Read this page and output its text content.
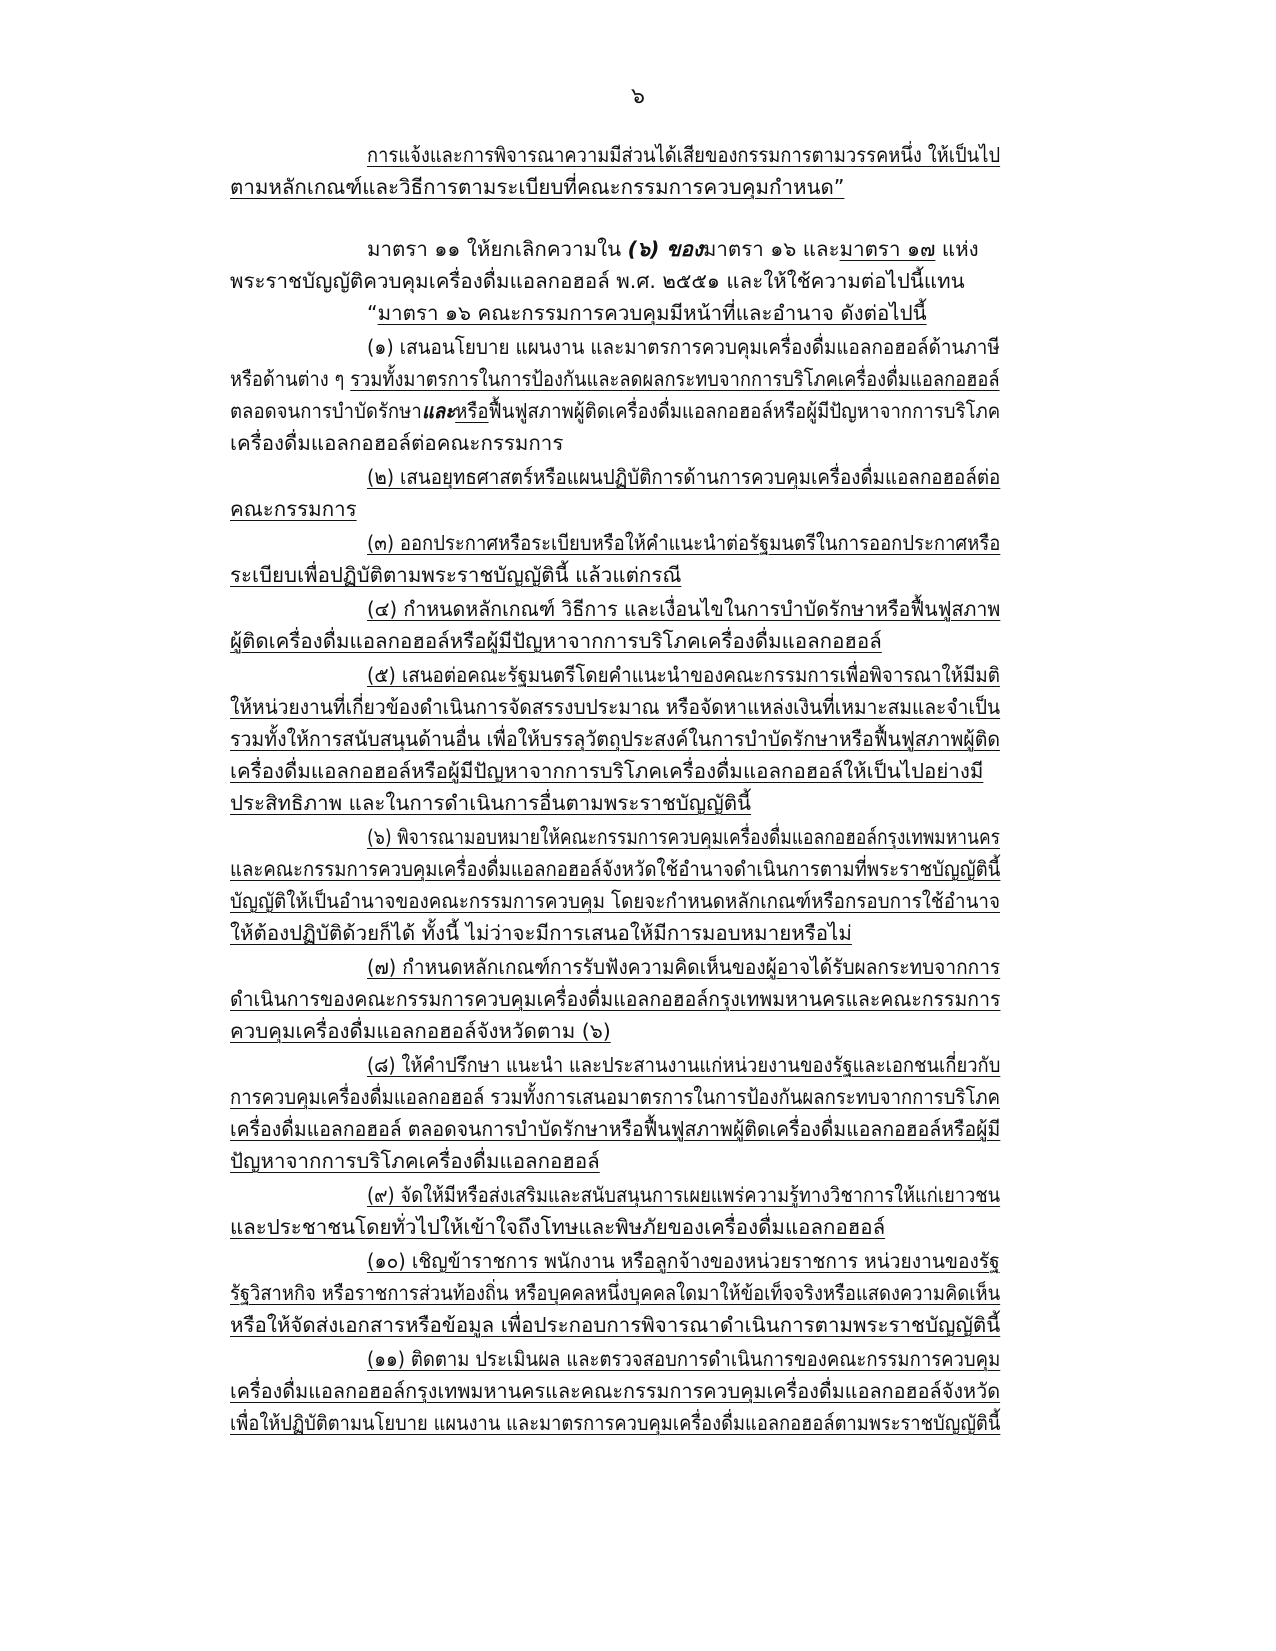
๖
การแจ้งและการพิจารณาความมีส่วนได้เสียของกรรมการตามวรรคหนึ่ง ให้เป็นไป
ตามหลักเกณฑ์และวิธีการตามระเบียบที่คณะกรรมการควบคุมกำหนด”
มาตรา ๑๑ ให้ยกเลิกความใน (๖) ของมาตรา ๑๖ และมาตรา ๑๗ แห่ง
พระราชบัญญัติควบคุมเครื่องดื่มแอลกอฮอล์ พ.ศ. ๒๕๕๑ และให้ใช้ความต่อไปนี้แทน
“มาตรา ๑๖ คณะกรรมการควบคุมมีหน้าที่และอำนาจ ดังต่อไปนี้
(๑) เสนอนโยบาย แผนงาน และมาตรการควบคุมเครื่องดื่มแอลกอฮอล์ด้านภาษี
หรือด้านต่าง ๆ รวมทั้งมาตรการในการป้องกันและลดผลกระทบจากการบริโภคเครื่องดื่มแอลกอฮอล์
ตลอดจนการบำบัดรักษาและหรือฟื้นฟูสภาพผู้ติดเครื่องดื่มแอลกอฮอล์หรือผู้มีปัญหาจากการบริโภค
เครื่องดื่มแอลกอฮอล์ต่อคณะกรรมการ
(๒) เสนอยุทธศาสตร์หรือแผนปฏิบัติการด้านการควบคุมเครื่องดื่มแอลกอฮอล์ต่อ
คณะกรรมการ
(๓) ออกประกาศหรือระเบียบหรือให้คำแนะนำต่อรัฐมนตรีในการออกประกาศหรือ
ระเบียบเพื่อปฏิบัติตามพระราชบัญญัตินี้ แล้วแต่กรณี
(๔) กำหนดหลักเกณฑ์ วิธีการ และเงื่อนไขในการบำบัดรักษาหรือฟื้นฟูสภาพ
ผู้ติดเครื่องดื่มแอลกอฮอล์หรือผู้มีปัญหาจากการบริโภคเครื่องดื่มแอลกอฮอล์
(๕) เสนอต่อคณะรัฐมนตรีโดยคำแนะนำของคณะกรรมการเพื่อพิจารณาให้มีมติ
ให้หน่วยงานที่เกี่ยวข้องดำเนินการจัดสรรงบประมาณ หรือจัดหาแหล่งเงินที่เหมาะสมและจำเป็น
รวมทั้งให้การสนับสนุนด้านอื่น เพื่อให้บรรลุวัตถุประสงค์ในการบำบัดรักษาหรือฟื้นฟูสภาพผู้ติด
เครื่องดื่มแอลกอฮอล์หรือผู้มีปัญหาจากการบริโภคเครื่องดื่มแอลกอฮอล์ให้เป็นไปอย่างมี
ประสิทธิภาพ และในการดำเนินการอื่นตามพระราชบัญญัตินี้
(๖) พิจารณามอบหมายให้คณะกรรมการควบคุมเครื่องดื่มแอลกอฮอล์กรุงเทพมหานคร
และคณะกรรมการควบคุมเครื่องดื่มแอลกอฮอล์จังหวัดใช้อำนาจดำเนินการตามที่พระราชบัญญัตินี้
บัญญัติให้เป็นอำนาจของคณะกรรมการควบคุม โดยจะกำหนดหลักเกณฑ์หรือกรอบการใช้อำนาจ
ให้ต้องปฏิบัติด้วยก็ได้ ทั้งนี้ ไม่ว่าจะมีการเสนอให้มีการมอบหมายหรือไม่
(๗) กำหนดหลักเกณฑ์การรับฟังความคิดเห็นของผู้อาจได้รับผลกระทบจากการ
ดำเนินการของคณะกรรมการควบคุมเครื่องดื่มแอลกอฮอล์กรุงเทพมหานครและคณะกรรมการ
ควบคุมเครื่องดื่มแอลกอฮอล์จังหวัดตาม (๖)
(๘) ให้คำปรึกษา แนะนำ และประสานงานแก่หน่วยงานของรัฐและเอกชนเกี่ยวกับ
การควบคุมเครื่องดื่มแอลกอฮอล์ รวมทั้งการเสนอมาตรการในการป้องกันผลกระทบจากการบริโภค
เครื่องดื่มแอลกอฮอล์ ตลอดจนการบำบัดรักษาหรือฟื้นฟูสภาพผู้ติดเครื่องดื่มแอลกอฮอล์หรือผู้มี
ปัญหาจากการบริโภคเครื่องดื่มแอลกอฮอล์
(๙) จัดให้มีหรือส่งเสริมและสนับสนุนการเผยแพร่ความรู้ทางวิชาการให้แก่เยาวชน
และประชาชนโดยทั่วไปให้เข้าใจถึงโทษและพิษภัยของเครื่องดื่มแอลกอฮอล์
(๑๐) เชิญข้าราชการ พนักงาน หรือลูกจ้างของหน่วยราชการ หน่วยงานของรัฐ
รัฐวิสาหกิจ หรือราชการส่วนท้องถิ่น หรือบุคคลหนึ่งบุคคลใดมาให้ข้อเท็จจริงหรือแสดงความคิดเห็น
หรือให้จัดส่งเอกสารหรือข้อมูล เพื่อประกอบการพิจารณาดำเนินการตามพระราชบัญญัตินี้
(๑๑) ติดตาม ประเมินผล และตรวจสอบการดำเนินการของคณะกรรมการควบคุม
เครื่องดื่มแอลกอฮอล์กรุงเทพมหานครและคณะกรรมการควบคุมเครื่องดื่มแอลกอฮอล์จังหวัด
เพื่อให้ปฏิบัติตามนโยบาย แผนงาน และมาตรการควบคุมเครื่องดื่มแอลกอฮอล์ตามพระราชบัญญัตินี้
